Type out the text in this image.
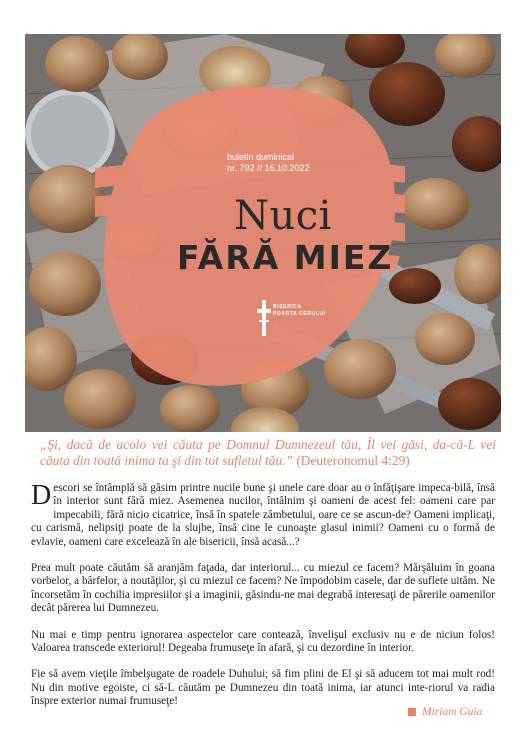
buletin duminical
nr. 792 // 16.10.2022
Nuci
FĂRĂ MIEZ
BISERICA
POARTA CERULUI
„Şi, dacă de acolo vei căuta pe Domnul Dumnezeul tău, Îl vei găsi, da-că-L vei căuta din toată inima ta şi din tot sufletul tău.” (Deuteronomul 4:29)

Descori se întâmplă să găsim printre nucile bune şi unele care doar au o înfăţişare impeca-bilă, însă în interior sunt fără miez. Asemenea nucilor, întâlnim şi oameni de acest fel: oameni care par impecabili, fără nicio cicatrice, însă în spatele zâmbetului, oare ce se ascun-de? Oameni implicaţi, cu carismă, nelipsiţi poate de la slujbe, însă cine le cunoaşte glasul inimii? Oameni cu o formă de evlavie, oameni care excelează în ale bisericii, însă acasă...?

Prea mult poate căutăm să aranjăm faţada, dar interiorul... cu miezul ce facem? Mărşăluim în goana vorbelor, a bârfelor, a noutăţilor, şi cu miezul ce facem? Ne împodobim casele, dar de suflete uităm. Ne încorsetăm în cochilia impresiilor şi a imaginii, găsindu-ne mai degrabă interesaţi de părerile oamenilor decât părerea lui Dumnezeu.

Nu mai e timp pentru ignorarea aspectelor care contează, învelişul exclusiv nu e de niciun folos! Valoarea transcede exteriorul! Degeaba frumuseţe în afară, şi cu dezordine în interior.

Fie să avem vieţile îmbelşugate de roadele Duhului; să fim plini de El şi să aducem tot mai mult rod! Nu din motive egoiste, ci să-L căutăm pe Dumnezeu din toată inima, iar atunci inte-riorul va radia înspre exterior numai frumuseţe!

Miriam Guia
